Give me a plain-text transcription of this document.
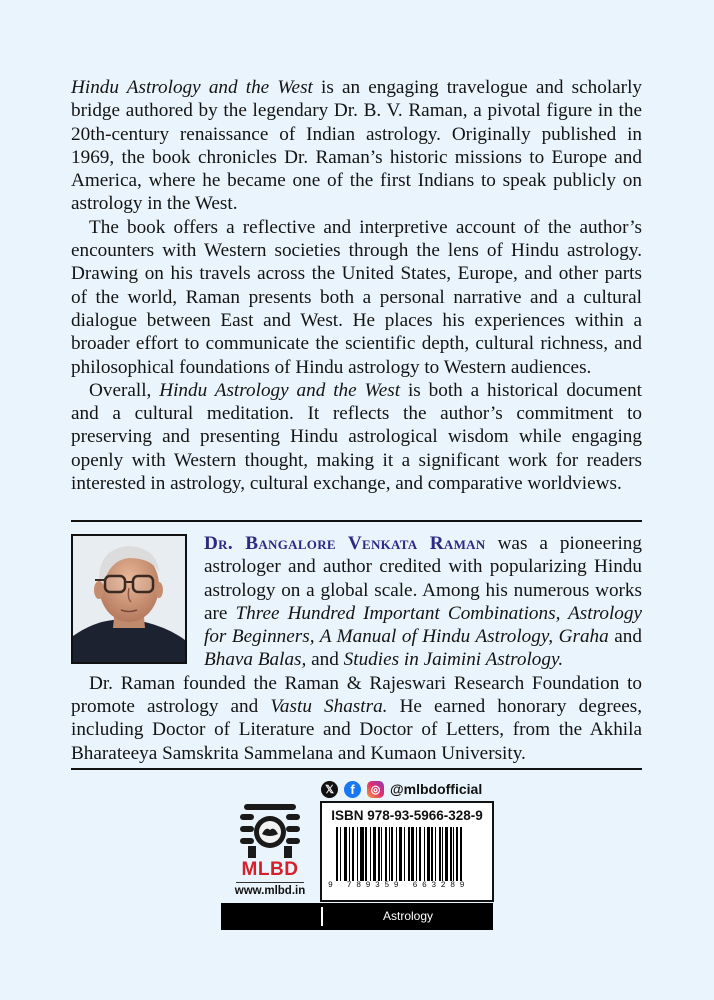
Hindu Astrology and the West is an engaging travelogue and scholarly bridge authored by the legendary Dr. B. V. Raman, a pivotal figure in the 20th-century renaissance of Indian astrology. Originally published in 1969, the book chronicles Dr. Raman’s historic missions to Europe and America, where he became one of the first Indians to speak publicly on astrology in the West.

The book offers a reflective and interpretive account of the author’s encounters with Western societies through the lens of Hindu astrology. Drawing on his travels across the United States, Europe, and other parts of the world, Raman presents both a personal narrative and a cultural dialogue between East and West. He places his experiences within a broader effort to communicate the scientific depth, cultural richness, and philosophical foundations of Hindu astrology to Western audiences.

Overall, Hindu Astrology and the West is both a historical document and a cultural meditation. It reflects the author’s commitment to preserving and presenting Hindu astrological wisdom while engaging openly with Western thought, making it a significant work for readers interested in astrology, cultural exchange, and comparative worldviews.

Dr. Bangalore Venkata Raman was a pioneering astrologer and author credited with popularizing Hindu astrology on a global scale. Among his numerous works are Three Hundred Important Combinations, Astrology for Beginners, A Manual of Hindu Astrology, Graha and Bhava Balas, and Studies in Jaimini Astrology.

Dr. Raman founded the Raman & Rajeswari Research Foundation to promote astrology and Vastu Shastra. He earned honorary degrees, including Doctor of Literature and Doctor of Letters, from the Akhila Bharateeya Samskrita Sammelana and Kumaon University.

𝕏	f	◎ @mlbdofficial
MLBD
www.mlbd.in
ISBN 978-93-5966-328-9
9 789359 663289
Astrology
